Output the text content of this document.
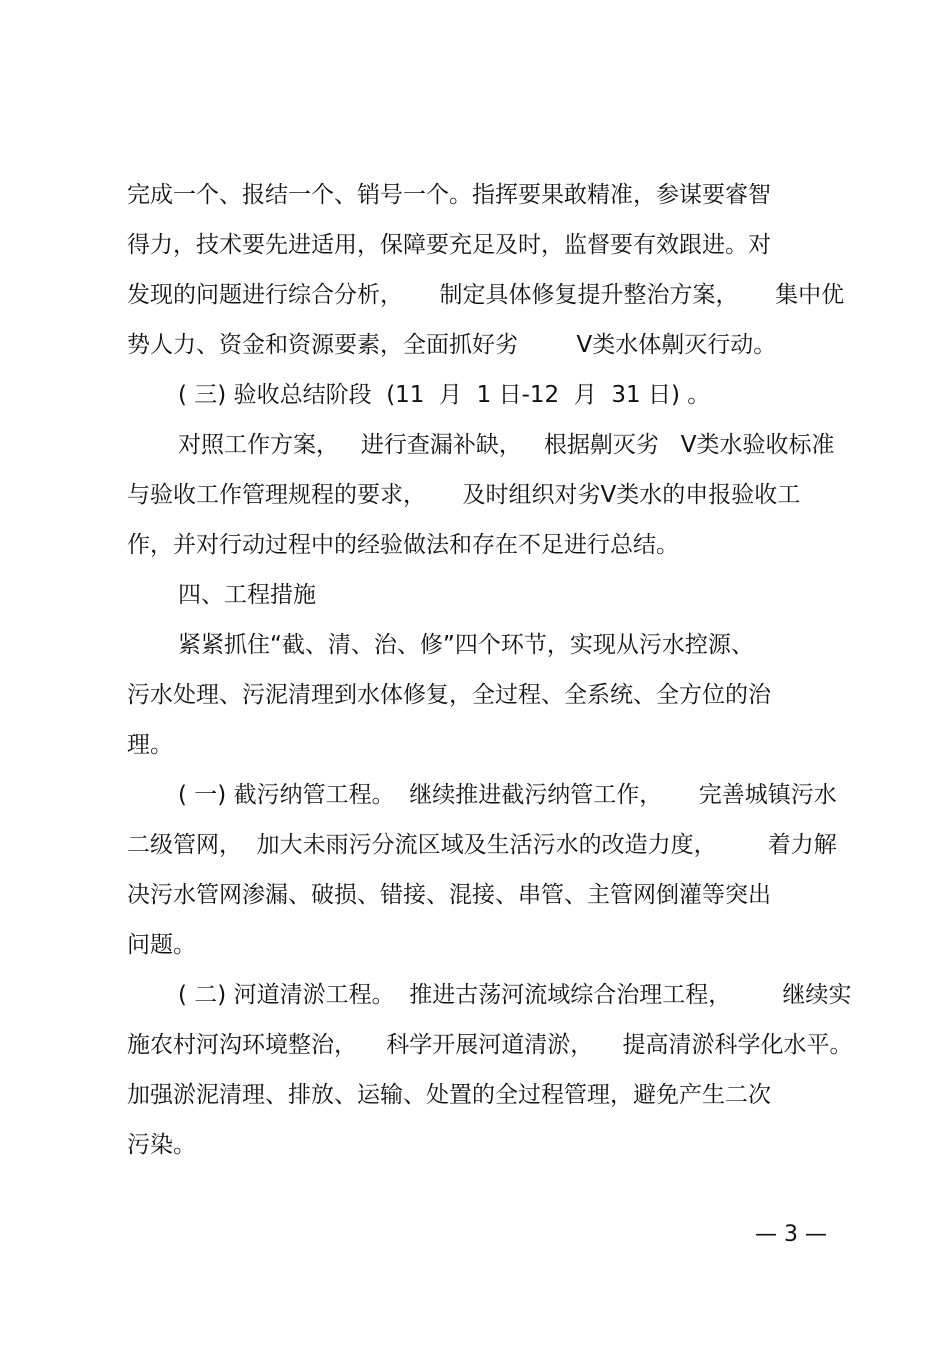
完成一个、报结一个、销号一个。指挥要果敢精准，参谋要睿智
得力，技术要先进适用，保障要充足及时，监督要有效跟进。对
发现的问题进行综合分析，     制定具体修复提升整治方案，     集中优
势人力、资金和资源要素，全面抓好劣        Ⅴ类水体劓灭行动。
( 三) 验收总结阶段  (11  月  1 日-12  月  31 日) 。
对照工作方案，   进行查漏补缺，   根据劓灭劣   Ⅴ类水验收标准
与验收工作管理规程的要求，     及时组织对劣Ⅴ类水的申报验收工
作，并对行动过程中的经验做法和存在不足进行总结。
四、工程措施
紧紧抓住“截、清、治、修”四个环节，实现从污水控源、
污水处理、污泥清理到水体修复，全过程、全系统、全方位的治
理。
( 一) 截污纳管工程。  继续推进截污纳管工作，     完善城镇污水
二级管网，  加大未雨污分流区域及生活污水的改造力度，       着力解
决污水管网渗漏、破损、错接、混接、串管、主管网倒灌等突出
问题。
( 二) 河道清淤工程。  推进古荡河流域综合治理工程，       继续实
施农村河沟环境整治，    科学开展河道清淤，    提高清淤科学化水平。
加强淤泥清理、排放、运输、处置的全过程管理，避免产生二次
污染。
— 3 —
